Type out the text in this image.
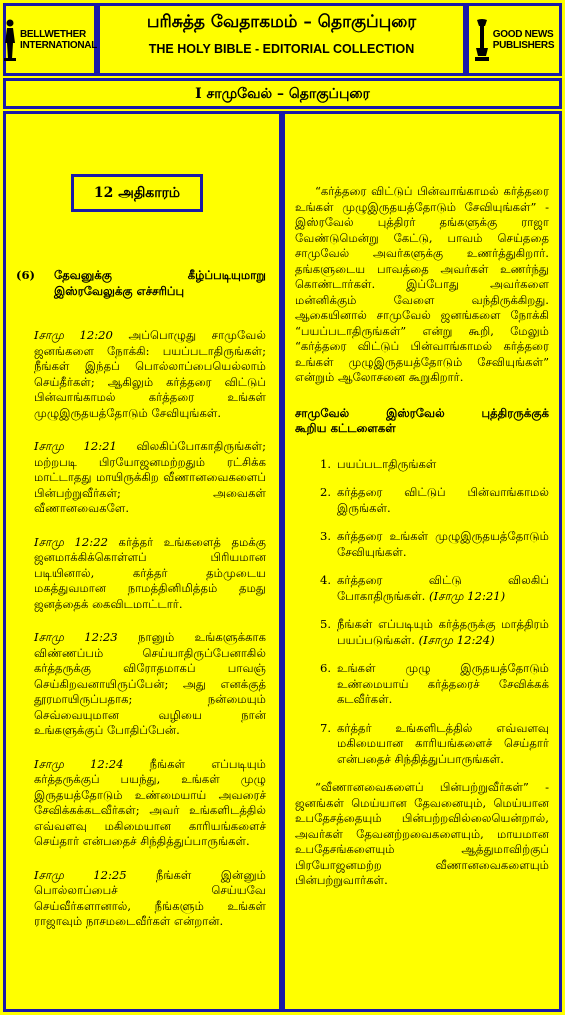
BELLWETHER
INTERNATIONAL
பரிசுத்த வேதாகமம் – தொகுப்புரை
THE HOLY BIBLE - EDITORIAL COLLECTION
GOOD NEWS
PUBLISHERS
I சாமுவேல் – தொகுப்புரை
12 அதிகாரம்
(6)	தேவனுக்கு கீழ்ப்படியுமாறு
இஸ்ரவேலுக்கு எச்சரிப்பு

Iசாமு 12:20 அப்பொழுது சாமுவேல் ஜனங்களை நோக்கி: பயப்படாதிருங்கள்; நீங்கள் இந்தப் பொல்லாப்பையெல்லாம் செய்தீர்கள்; ஆகிலும் கர்த்தரை விட்டுப் பின்வாங்காமல் கர்த்தரை உங்கள் முழுஇருதயத்தோடும் சேவியுங்கள்.

Iசாமு 12:21 விலகிப்போகாதிருங்கள்; மற்றபடி பிரயோஜனமற்றதும் ரட்சிக்க மாட்டாதது மாயிருக்கிற வீணானவைகளைப் பின்பற்றுவீர்கள்; அவைகள் வீணானவைகளே.

Iசாமு 12:22 கர்த்தர் உங்களைத் தமக்கு ஜனமாக்கிக்கொள்ளப் பிரியமான படியினால், கர்த்தர் தம்முடைய மகத்துவமான நாமத்தினிமித்தம் தமது ஜனத்தைக் கைவிடமாட்டார்.

Iசாமு 12:23 நானும் உங்களுக்காக விண்ணப்பம் செய்யாதிருப்பேனாகில் கர்த்தருக்கு விரோதமாகப் பாவஞ் செய்கிறவனாயிருப்பேன்; அது எனக்குத் தூரமாயிருப்பதாக; நன்மையும் செவ்வையுமான வழியை நான் உங்களுக்குப் போதிப்பேன்.

Iசாமு 12:24 நீங்கள் எப்படியும் கர்த்தருக்குப் பயந்து, உங்கள் முழு இருதயத்தோடும் உண்மையாய் அவரைச் சேவிக்கக்கடவீர்கள்; அவர் உங்களிடத்தில் எவ்வளவு மகிமையான காரியங்களைச் செய்தார் என்பதைச் சிந்தித்துப்பாருங்கள்.

Iசாமு 12:25 நீங்கள் இன்னும் பொல்லாப்பைச் செய்யவே செய்வீர்களானால், நீங்களும் உங்கள் ராஜாவும் நாசமடைவீர்கள் என்றான்.

“கர்த்தரை விட்டுப் பின்வாங்காமல் கர்த்தரை உங்கள் முழுஇருதயத்தோடும் சேவியுங்கள்” - இஸ்ரவேல் புத்திரர் தங்களுக்கு ராஜா வேண்டுமென்று கேட்டு, பாவம் செய்ததை சாமுவேல் அவர்களுக்கு உணர்த்துகிறார். தங்களுடைய பாவத்தை அவர்கள் உணர்ந்து கொண்டார்கள். இப்போது அவர்களை மன்னிக்கும் வேளை வந்திருக்கிறது. ஆகையினால் சாமுவேல் ஜனங்களை நோக்கி “பயப்படாதிருங்கள்” என்று கூறி, மேலும் “கர்த்தரை விட்டுப் பின்வாங்காமல் கர்த்தரை உங்கள் முழுஇருதயத்தோடும் சேவியுங்கள்” என்றும் ஆலோசனை கூறுகிறார்.

சாமுவேல் இஸ்ரவேல் புத்திரருக்குக்
கூறிய கட்டளைகள்
1. பயப்படாதிருங்கள்
2. கர்த்தரை விட்டுப் பின்வாங்காமல் இருங்கள்.
3. கர்த்தரை உங்கள் முழுஇருதயத்தோடும் சேவியுங்கள்.
4. கர்த்தரை விட்டு விலகிப் போகாதிருங்கள். (Iசாமு 12:21)
5. நீங்கள் எப்படியும் கர்த்தருக்கு மாத்திரம் பயப்படுங்கள். (Iசாமு 12:24)
6. உங்கள் முழு இருதயத்தோடும் உண்மையாய் கர்த்தரைச் சேவிக்கக் கடவீர்கள்.
7. கர்த்தர் உங்களிடத்தில் எவ்வளவு மகிமையான காரியங்களைச் செய்தார் என்பதைச் சிந்தித்துப்பாருங்கள்.

“வீணானவைகளைப் பின்பற்றுவீர்கள்” - ஜனங்கள் மெய்யான தேவனையும், மெய்யான உபதேசத்தையும் பின்பற்றவில்லையென்றால், அவர்கள் தேவனற்றவைகளையும், மாயமான உபதேசங்களையும் ஆத்துமாவிற்குப் பிரயோஜனமற்ற வீணானவைகளையும் பின்பற்றுவார்கள்.
